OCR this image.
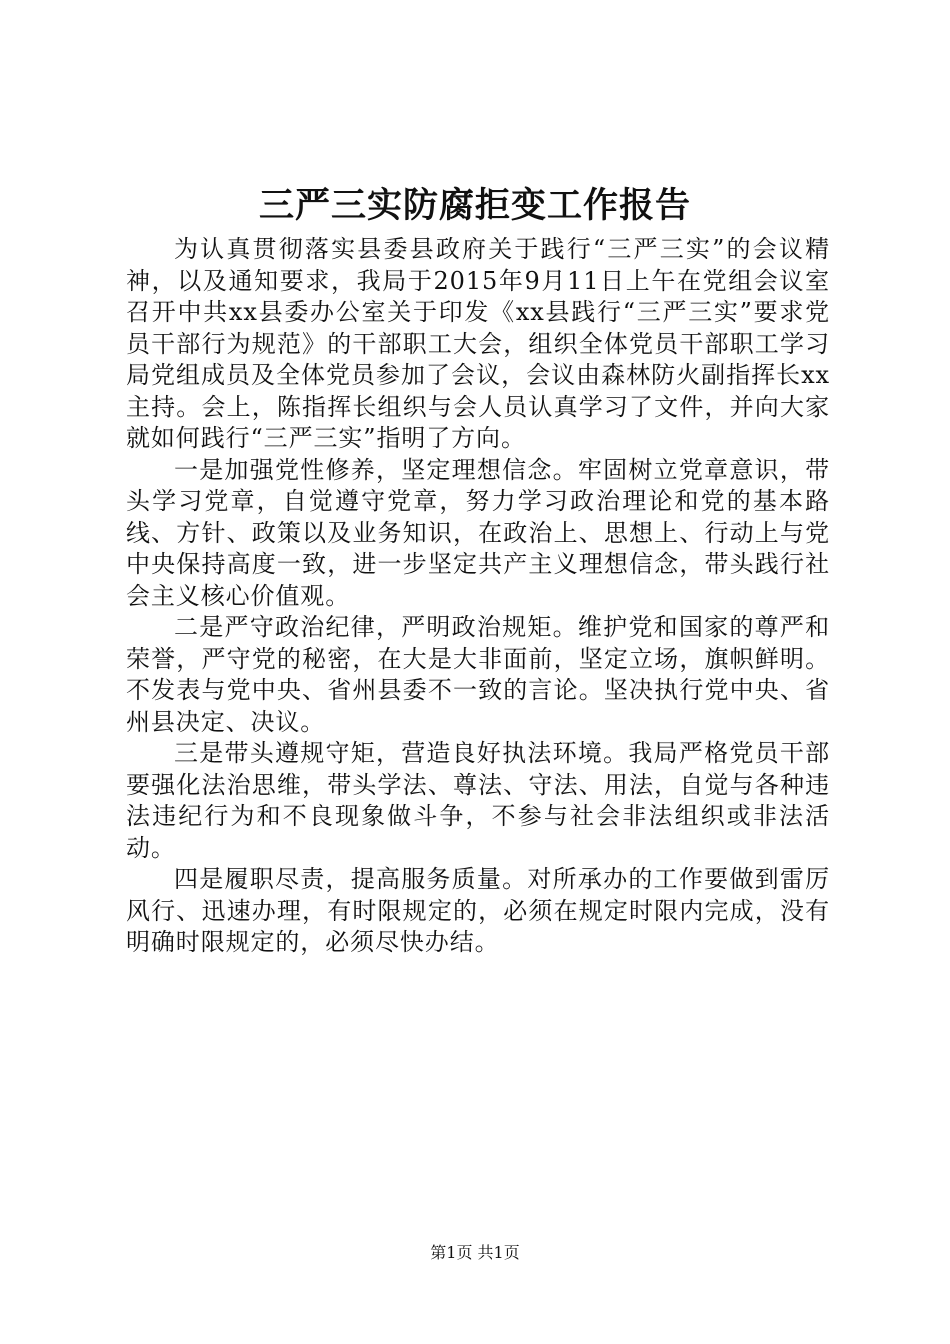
三严三实防腐拒变工作报告

为认真贯彻落实县委县政府关于践行“三严三实”的会议精神，以及通知要求，我局于2015年9月11日上午在党组会议室召开中共xx县委办公室关于印发《xx县践行“三严三实”要求党员干部行为规范》的干部职工大会，组织全体党员干部职工学习局党组成员及全体党员参加了会议，会议由森林防火副指挥长xx主持。会上，陈指挥长组织与会人员认真学习了文件，并向大家就如何践行“三严三实”指明了方向。

一是加强党性修养，坚定理想信念。牢固树立党章意识，带头学习党章，自觉遵守党章，努力学习政治理论和党的基本路线、方针、政策以及业务知识，在政治上、思想上、行动上与党中央保持高度一致，进一步坚定共产主义理想信念，带头践行社会主义核心价值观。

二是严守政治纪律，严明政治规矩。维护党和国家的尊严和荣誉，严守党的秘密，在大是大非面前，坚定立场，旗帜鲜明。不发表与党中央、省州县委不一致的言论。坚决执行党中央、省州县决定、决议。

三是带头遵规守矩，营造良好执法环境。我局严格党员干部要强化法治思维，带头学法、尊法、守法、用法，自觉与各种违法违纪行为和不良现象做斗争，不参与社会非法组织或非法活动。

四是履职尽责，提高服务质量。对所承办的工作要做到雷厉风行、迅速办理，有时限规定的，必须在规定时限内完成，没有明确时限规定的，必须尽快办结。

第1页 共1页
